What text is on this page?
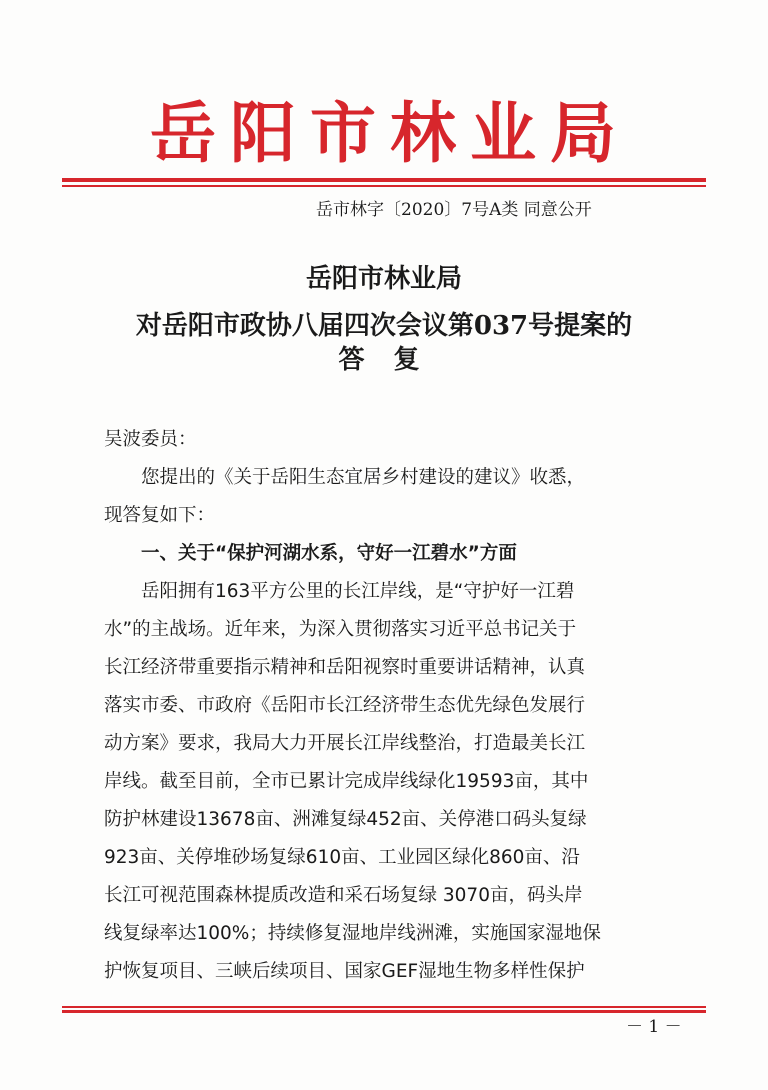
岳阳市林业局
岳市林字〔2020〕7号A类 同意公开
岳阳市林业局
对岳阳市政协八届四次会议第037号提案的
答 复
吴波委员：
　　您提出的《关于岳阳生态宜居乡村建设的建议》收悉，
现答复如下：
　　一、关于“保护河湖水系，守好一江碧水”方面
　　岳阳拥有163平方公里的长江岸线，是“守护好一江碧
水”的主战场。近年来，为深入贯彻落实习近平总书记关于
长江经济带重要指示精神和岳阳视察时重要讲话精神，认真
落实市委、市政府《岳阳市长江经济带生态优先绿色发展行
动方案》要求，我局大力开展长江岸线整治，打造最美长江
岸线。截至目前，全市已累计完成岸线绿化19593亩，其中
防护林建设13678亩、洲滩复绿452亩、关停港口码头复绿
923亩、关停堆砂场复绿610亩、工业园区绿化860亩、沿
长江可视范围森林提质改造和采石场复绿 3070亩，码头岸
线复绿率达100%；持续修复湿地岸线洲滩，实施国家湿地保
护恢复项目、三峡后续项目、国家GEF湿地生物多样性保护
－ 1 －
